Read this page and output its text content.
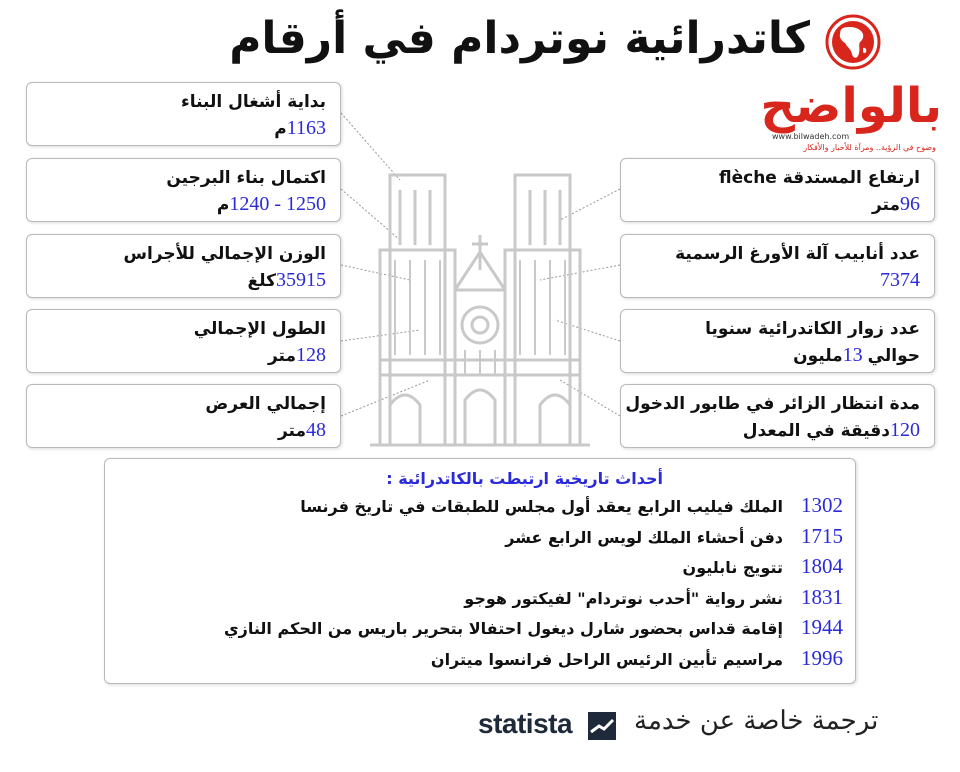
كاتدرائية نوتردام في أرقام
بالواضح
www.bilwadeh.com
وضوح في الرؤية.. ومرآة للأخبار والأفكار
بداية أشغال البناء
1163م
اكتمال بناء البرجين
1250 - 1240م
الوزن الإجمالي للأجراس
35915كلغ
الطول الإجمالي
128متر
إجمالي العرض
48متر
ارتفاع المستدقة flèche
96متر
عدد أنابيب آلة الأورغ الرسمية
7374
عدد زوار الكاتدرائية سنويا
حوالي 13مليون
مدة انتظار الزائر في طابور الدخول
120دقيقة في المعدل
أحداث تاريخية ارتبطت بالكاتدرائية :
1302
الملك فيليب الرابع يعقد أول مجلس للطبقات في تاريخ فرنسا
1715
دفن أحشاء الملك لويس الرابع عشر
1804
تتويج نابليون
1831
نشر رواية "أحدب نوتردام" لفيكتور هوجو
1944
إقامة قداس بحضور شارل ديغول احتفالا بتحرير باريس من الحكم النازي
1996
مراسيم تأبين الرئيس الراحل فرانسوا ميتران
statista ترجمة خاصة عن خدمة
